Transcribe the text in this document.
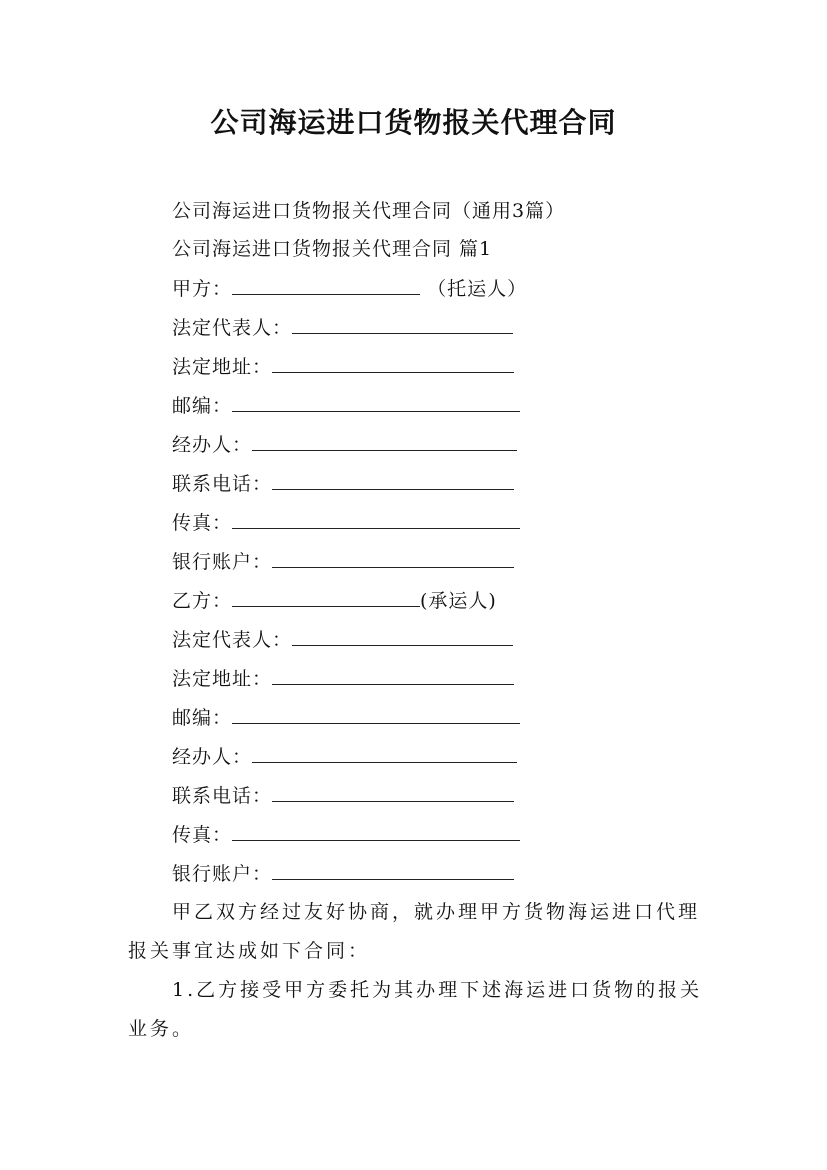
公司海运进口货物报关代理合同
公司海运进口货物报关代理合同（通用3篇）
公司海运进口货物报关代理合同 篇1
甲方：	（托运人）
法定代表人：
法定地址：
邮编：
经办人：
联系电话：
传真：
银行账户：
乙方：	(承运人)
法定代表人：
法定地址：
邮编：
经办人：
联系电话：
传真：
银行账户：
甲乙双方经过友好协商，就办理甲方货物海运进口代理报关事宜达成如下合同：
1.乙方接受甲方委托为其办理下述海运进口货物的报关业务。
